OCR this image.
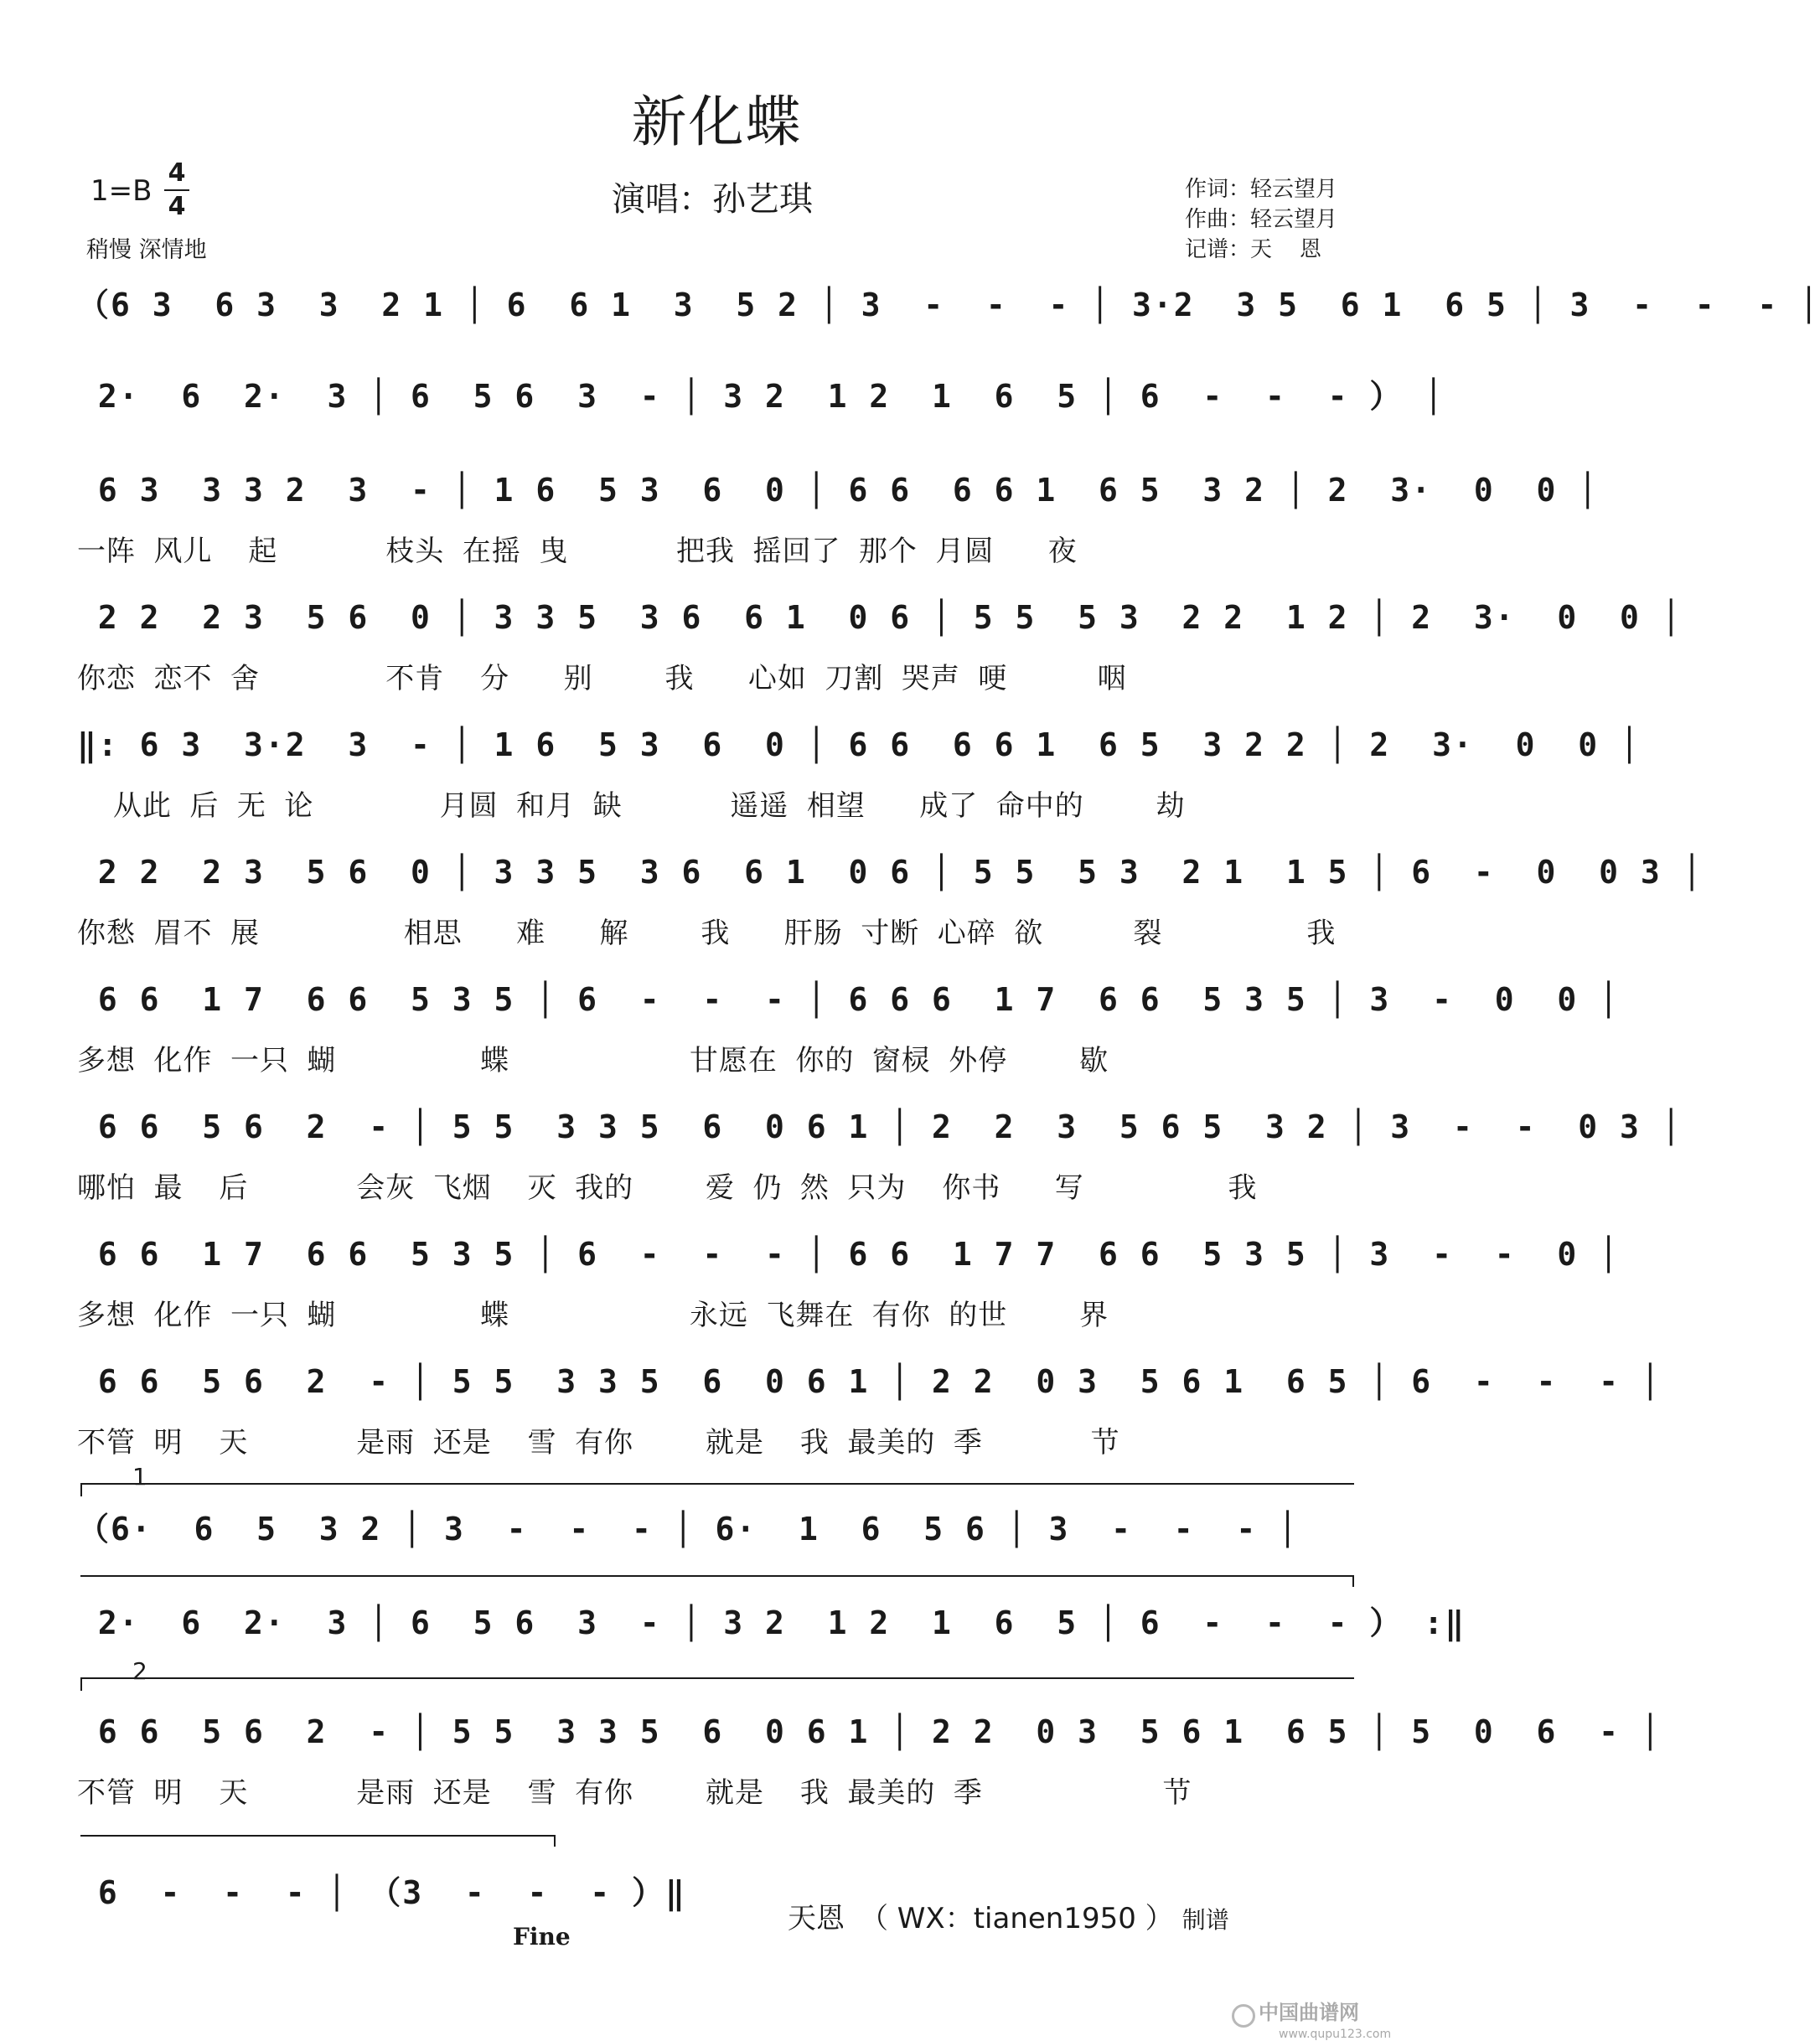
新化蝶
1=B
4
4
稍慢 深情地
演唱：孙艺琪	作词：轻云望月
作曲：轻云望月
记谱：天    恩
（6 3  6 3  3  2 1 │ 6  6 1  3  5 2 │ 3  -  -  - │ 3·2  3 5  6 1  6 5 │ 3  -  -  - │
2·  6  2·  3 │ 6  5 6  3  - │ 3 2  1 2  1  6  5 │ 6  -  -  - ） │
6 3  3 3 2  3  - │ 1 6  5 3  6  0 │ 6 6  6 6 1  6 5  3 2 │ 2  3·  0  0 │
一阵 风儿  起      枝头 在摇 曳      把我 摇回了 那个 月圆   夜
2 2  2 3  5 6  0 │ 3 3 5  3 6  6 1  0 6 │ 5 5  5 3  2 2  1 2 │ 2  3·  0  0 │
你恋 恋不 舍       不肯  分   别    我   心如 刀割 哭声 哽     咽
‖: 6 3  3·2  3  - │ 1 6  5 3  6  0 │ 6 6  6 6 1  6 5  3 2 2 │ 2  3·  0  0 │
从此 后 无 论       月圆 和月 缺      遥遥 相望   成了 命中的    劫
2 2  2 3  5 6  0 │ 3 3 5  3 6  6 1  0 6 │ 5 5  5 3  2 1  1 5 │ 6  -  0  0 3 │
你愁 眉不 展        相思   难   解    我   肝肠 寸断 心碎 欲     裂        我
6 6  1 7  6 6  5 3 5 │ 6  -  -  - │ 6 6 6  1 7  6 6  5 3 5 │ 3  -  0  0 │
多想 化作 一只 蝴        蝶          甘愿在 你的 窗棂 外停    歇
6 6  5 6  2  - │ 5 5  3 3 5  6  0 6 1 │ 2  2  3  5 6 5  3 2 │ 3  -  -  0 3 │
哪怕 最  后      会灰 飞烟  灭 我的    爱 仍 然 只为  你书   写        我
6 6  1 7  6 6  5 3 5 │ 6  -  -  - │ 6 6  1 7 7  6 6  5 3 5 │ 3  -  -  0 │
多想 化作 一只 蝴        蝶          永远 飞舞在 有你 的世    界
6 6  5 6  2  - │ 5 5  3 3 5  6  0 6 1 │ 2 2  0 3  5 6 1  6 5 │ 6  -  -  - │
不管 明  天      是雨 还是  雪 有你    就是  我 最美的 季      节
1
（6·  6  5  3 2 │ 3  -  -  - │ 6·  1  6  5 6 │ 3  -  -  - │
2·  6  2·  3 │ 6  5 6  3  - │ 3 2  1 2  1  6  5 │ 6  -  -  - ） :‖
2
6 6  5 6  2  - │ 5 5  3 3 5  6  0 6 1 │ 2 2  0 3  5 6 1  6 5 │ 5  0  6  - │
不管 明  天      是雨 还是  雪 有你    就是  我 最美的 季          节
6  -  -  - │ （3  -  -  - ）‖
Fine
天恩 （ WX：tianen1950 ） 制谱
中国曲谱网
www.qupu123.com
